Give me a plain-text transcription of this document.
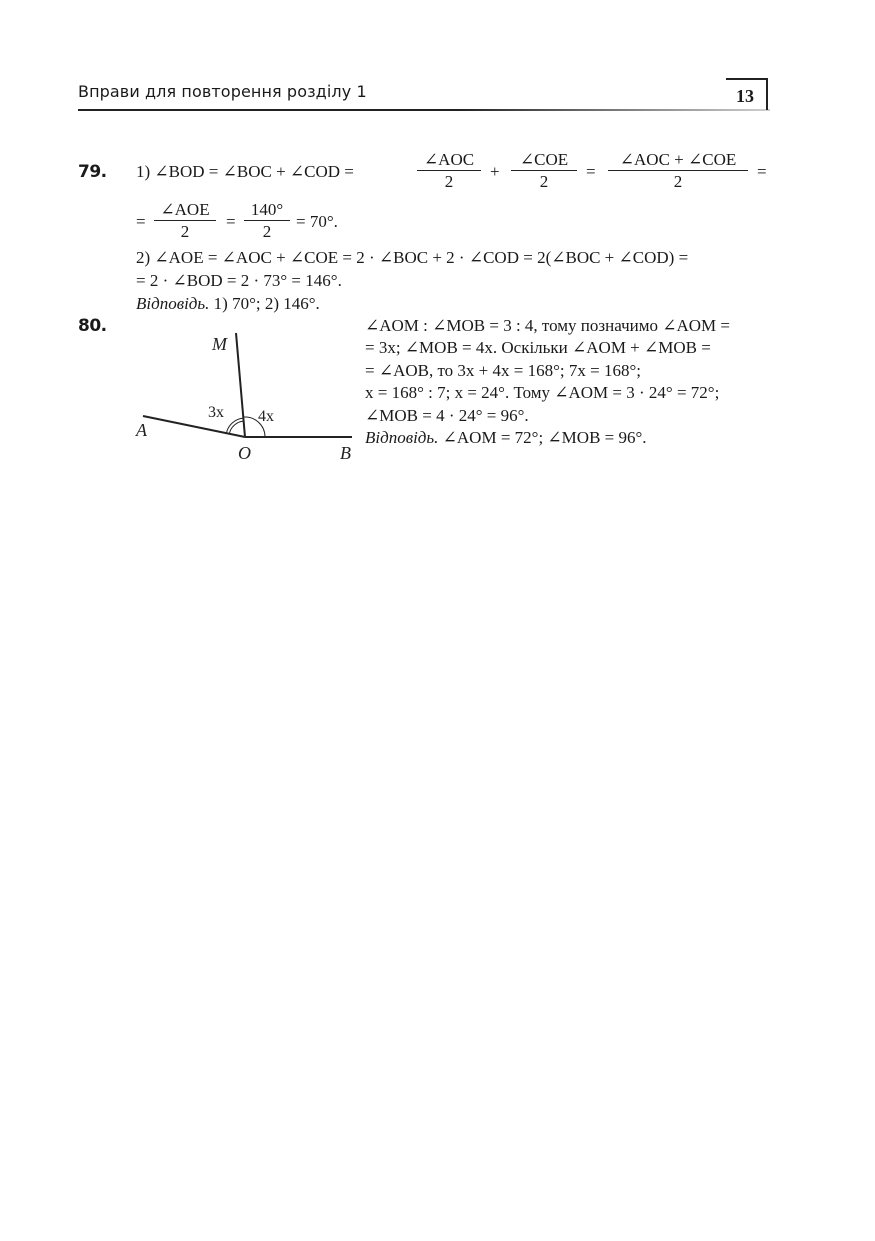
Вправи для повторення розділу 1	13
79. 1) ∠BOD = ∠BOC + ∠COD =
∠AOC
2
+
∠COE
2
=
∠AOC + ∠COE
2
=
=
∠AOE
2
= $\frac{140^\circ}{2} = 70^\circ$.
2) ∠AOE = ∠AOC + ∠COE = 2 · ∠BOC + 2 · ∠COD = 2(∠BOC + ∠COD) =
= 2 · ∠BOD = 2 · 73° = 146°.
Відповідь. 1) 70°; 2) 146°.
80.
M
A
O	B
3x 4x
∠AOM : ∠MOB = 3 : 4, тому позначимо ∠AOM =
= 3x; ∠MOB = 4x. Оскільки ∠AOM + ∠MOB =
= ∠AOB, то 3x + 4x = 168°; 7x = 168°;
x = 168° : 7; x = 24°. Тому ∠AOM = 3 · 24° = 72°;
∠MOB = 4 · 24° = 96°.
Відповідь. ∠AOM = 72°; ∠MOB = 96°.
